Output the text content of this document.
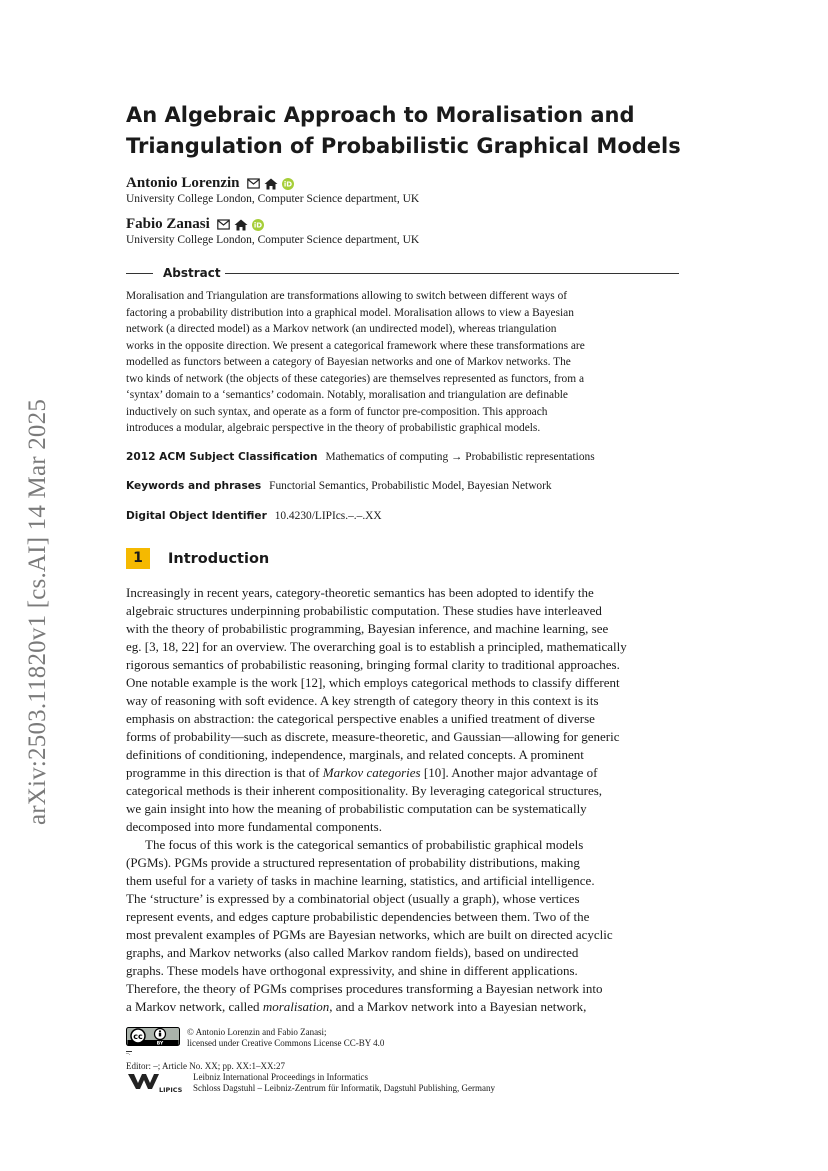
arXiv:2503.11820v1 [cs.AI] 14 Mar 2025
An Algebraic Approach to Moralisation and
Triangulation of Probabilistic Graphical Models
Antonio Lorenzin	iD
University College London, Computer Science department, UK
Fabio Zanasi	iD
University College London, Computer Science department, UK
Abstract
Moralisation and Triangulation are transformations allowing to switch between different ways of
factoring a probability distribution into a graphical model. Moralisation allows to view a Bayesian
network (a directed model) as a Markov network (an undirected model), whereas triangulation
works in the opposite direction. We present a categorical framework where these transformations are
modelled as functors between a category of Bayesian networks and one of Markov networks. The
two kinds of network (the objects of these categories) are themselves represented as functors, from a
‘syntax’ domain to a ‘semantics’ codomain. Notably, moralisation and triangulation are definable
inductively on such syntax, and operate as a form of functor pre-composition. This approach
introduces a modular, algebraic perspective in the theory of probabilistic graphical models.
2012 ACM Subject Classification Mathematics of computing → Probabilistic representations
Keywords and phrases Functorial Semantics, Probabilistic Model, Bayesian Network
Digital Object Identifier 10.4230/LIPIcs.–.–.XX
1	Introduction
Increasingly in recent years, category-theoretic semantics has been adopted to identify the
algebraic structures underpinning probabilistic computation. These studies have interleaved
with the theory of probabilistic programming, Bayesian inference, and machine learning, see
eg. [3, 18, 22] for an overview. The overarching goal is to establish a principled, mathematically
rigorous semantics of probabilistic reasoning, bringing formal clarity to traditional approaches.
One notable example is the work [12], which employs categorical methods to classify different
way of reasoning with soft evidence. A key strength of category theory in this context is its
emphasis on abstraction: the categorical perspective enables a unified treatment of diverse
forms of probability—such as discrete, measure-theoretic, and Gaussian—allowing for generic
definitions of conditioning, independence, marginals, and related concepts. A prominent
programme in this direction is that of Markov categories [10]. Another major advantage of
categorical methods is their inherent compositionality. By leveraging categorical structures,
we gain insight into how the meaning of probabilistic computation can be systematically
decomposed into more fundamental components.
The focus of this work is the categorical semantics of probabilistic graphical models
(PGMs). PGMs provide a structured representation of probability distributions, making
them useful for a variety of tasks in machine learning, statistics, and artificial intelligence.
The ‘structure’ is expressed by a combinatorial object (usually a graph), whose vertices
represent events, and edges capture probabilistic dependencies between them. Two of the
most prevalent examples of PGMs are Bayesian networks, which are built on directed acyclic
graphs, and Markov networks (also called Markov random fields), based on undirected
graphs. These models have orthogonal expressivity, and shine in different applications.
Therefore, the theory of PGMs comprises procedures transforming a Bayesian network into
a Markov network, called moralisation, and a Markov network into a Bayesian network,
cc
BY
© Antonio Lorenzin and Fabio Zanasi;
licensed under Creative Commons License CC-BY 4.0
–.
Editor: –; Article No. XX; pp. XX:1–XX:27
LIPICS
Leibniz International Proceedings in Informatics
Schloss Dagstuhl – Leibniz-Zentrum für Informatik, Dagstuhl Publishing, Germany
